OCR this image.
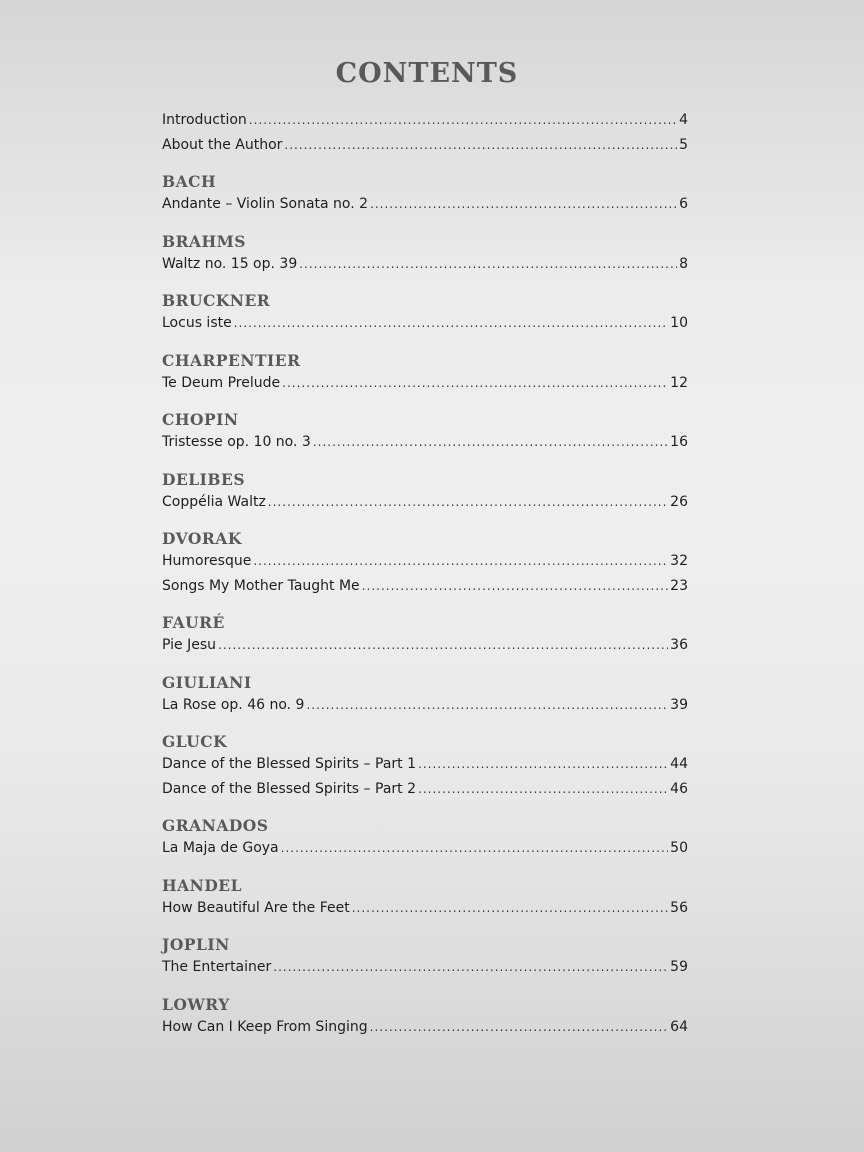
CONTENTS
Introduction .....	4
About the Author .....	5
BACH
Andante – Violin Sonata no. 2 .....	6
BRAHMS
Waltz no. 15 op. 39 .....	8
BRUCKNER
Locus iste .....	10
CHARPENTIER
Te Deum Prelude .....	12
CHOPIN
Tristesse op. 10 no. 3 .....	16
DELIBES
Coppélia Waltz .....	26
DVORAK
Humoresque .....	32
Songs My Mother Taught Me .....	23
FAURÉ
Pie Jesu .....	36
GIULIANI
La Rose op. 46 no. 9 .....	39
GLUCK
Dance of the Blessed Spirits – Part 1 .....	44
Dance of the Blessed Spirits – Part 2 .....	46
GRANADOS
La Maja de Goya .....	50
HANDEL
How Beautiful Are the Feet .....	56
JOPLIN
The Entertainer .....	59
LOWRY
How Can I Keep From Singing .....	64
